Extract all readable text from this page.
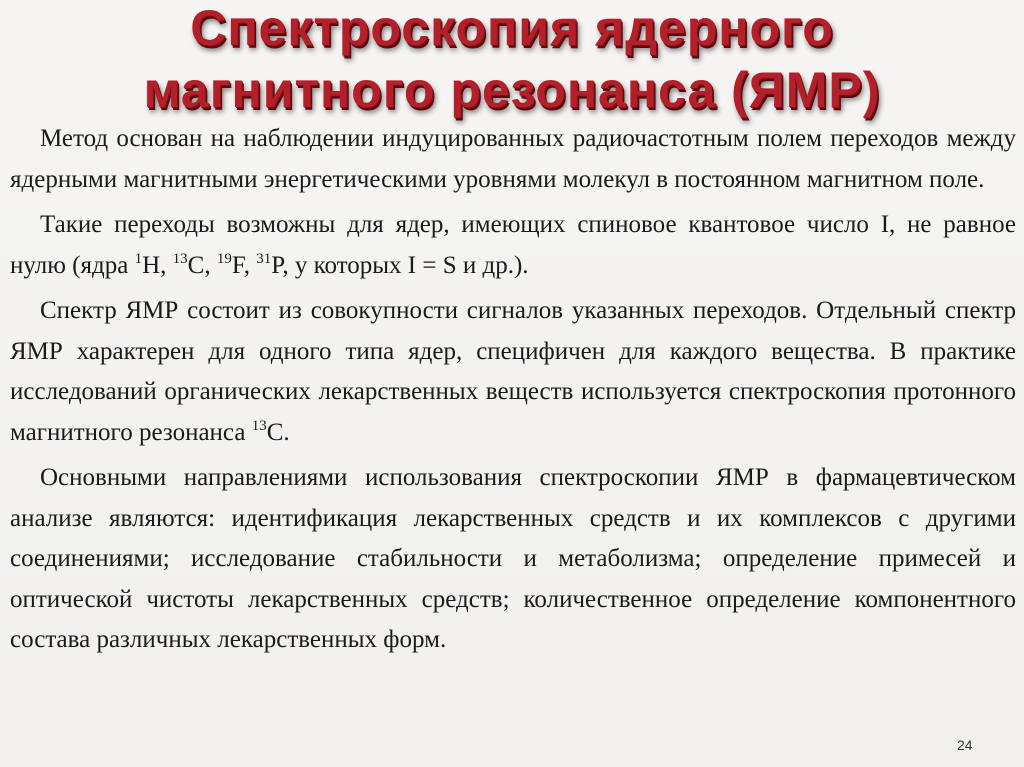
Спектроскопия ядерного
магнитного резонанса (ЯМР)

Метод основан на наблюдении индуцированных радиочастотным полем переходов между ядерными магнитными энергетическими уровнями молекул в постоянном магнитном поле.

Такие переходы возможны для ядер, имеющих спиновое квантовое число I, не равное нулю (ядра $^1$H, $^{13}$C, $^{19}$F, $^{31}$P, у которых I = S и др.).

Спектр ЯМР состоит из совокупности сигналов указанных переходов. Отдельный спектр ЯМР характерен для одного типа ядер, специфичен для каждого вещества. В практике исследований органических лекарственных веществ используется спектроскопия протонного магнитного резонанса $^{13}$С.

Основными направлениями использования спектроскопии ЯМР в фармацевтическом анализе являются: идентификация лекарственных средств и их комплексов с другими соединениями; исследование стабильности и метаболизма; определение примесей и оптической чистоты лекарственных средств; количественное определение компонентного состава различных лекарственных форм.

24
